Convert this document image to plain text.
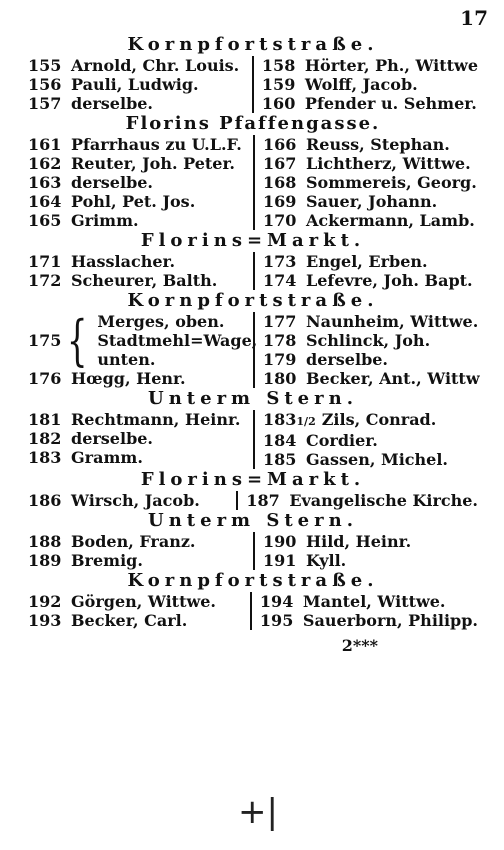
17
Kornpfortstraße.
155 Arnold, Chr. Louis.
156 Pauli, Ludwig.
157 derselbe.
158 Hörter, Ph., Wittwe
159 Wolff, Jacob.
160 Pfender u. Sehmer.
Florins Pfaffengasse.
161 Pfarrhaus zu U.L.F.
162 Reuter, Joh. Peter.
163 derselbe.
164 Pohl, Pet. Jos.
165 Grimm.
166 Reuss, Stephan.
167 Lichtherz, Wittwe.
168 Sommereis, Georg.
169 Sauer, Johann.
170 Ackermann, Lamb.
Florins=Markt.
171 Hasslacher.
172 Scheurer, Balth.
173 Engel, Erben.
174 Lefevre, Joh. Bapt.
Kornpfortstraße.
175 { Merges, oben.
Stadtmehl=Wage,
unten.
176 Hœgg, Henr.
177 Naunheim, Wittwe.
178 Schlinck, Joh.
179 derselbe.
180 Becker, Ant., Wittw
Unterm Stern.
181 Rechtmann, Heinr.
182 derselbe.
183 Gramm.
1831/2 Zils, Conrad.
184 Cordier.
185 Gassen, Michel.
Florins=Markt.
186 Wirsch, Jacob.	187 Evangelische Kirche.
Unterm Stern.
188 Boden, Franz.
189 Bremig.
190 Hild, Heinr.
191 Kyll.
Kornpfortstraße.
192 Görgen, Wittwe.
193 Becker, Carl.
194 Mantel, Wittwe.
195 Sauerborn, Philipp.
2***
+|
